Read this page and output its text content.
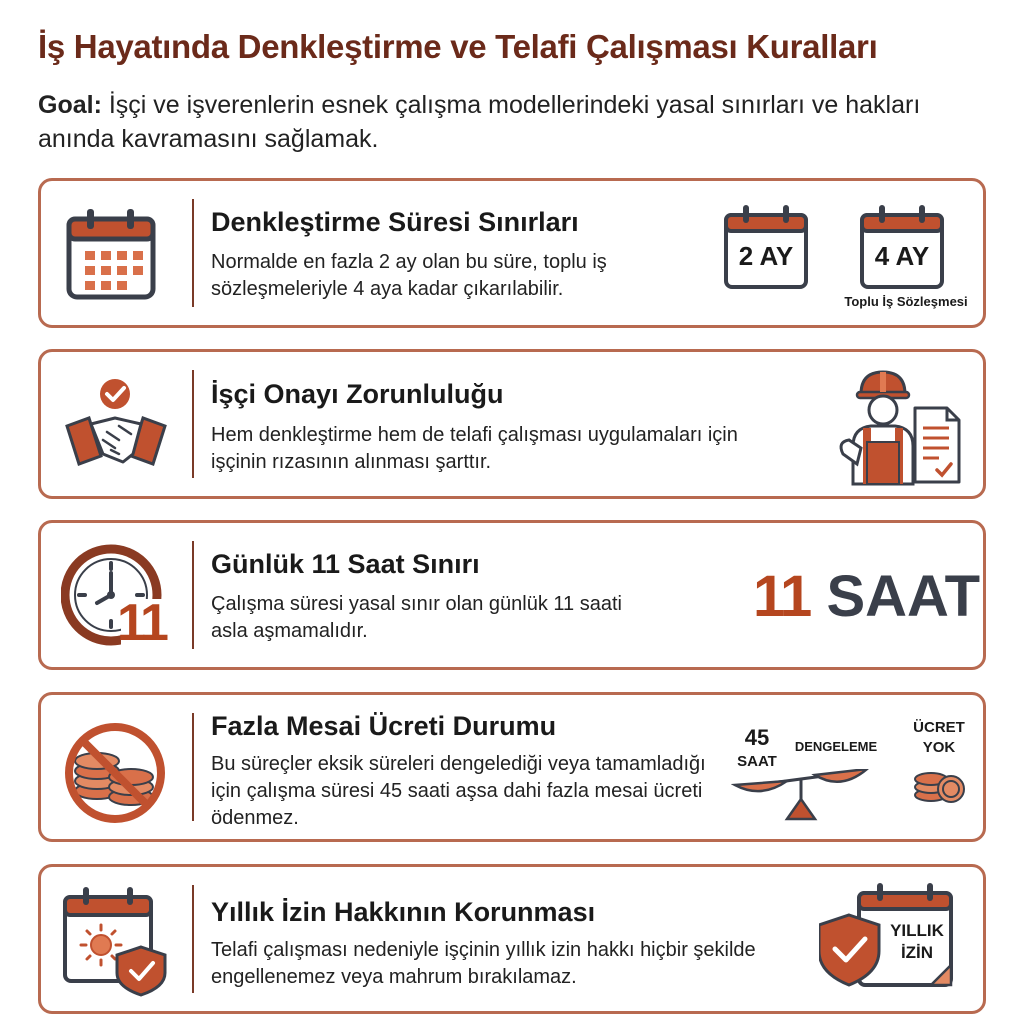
İş Hayatında Denkleştirme ve Telafi Çalışması Kuralları
Goal: İşçi ve işverenlerin esnek çalışma modellerindeki yasal sınırları ve hakları anında kavramasını sağlamak.
Denkleştirme Süresi Sınırları
Normalde en fazla 2 ay olan bu süre, toplu iş sözleşmeleriyle 4 aya kadar çıkarılabilir.
2 AY	4 AY
Toplu İş Sözleşmesi
İşçi Onayı Zorunluluğu
Hem denkleştirme hem de telafi çalışması uygulamaları için işçinin rızasının alınması şarttır.
11
Günlük 11 Saat Sınırı
Çalışma süresi yasal sınır olan günlük 11 saati asla aşmamalıdır.
11 SAAT
Fazla Mesai Ücreti Durumu
Bu süreçler eksik süreleri dengelediği veya tamamladığı için çalışma süresi 45 saati aşsa dahi fazla mesai ücreti ödenmez.
45
SAAT
DENGELEME
ÜCRET
YOK
Yıllık İzin Hakkının Korunması
Telafi çalışması nedeniyle işçinin yıllık izin hakkı hiçbir şekilde engellenemez veya mahrum bırakılamaz.
YILLIK
İZİN
